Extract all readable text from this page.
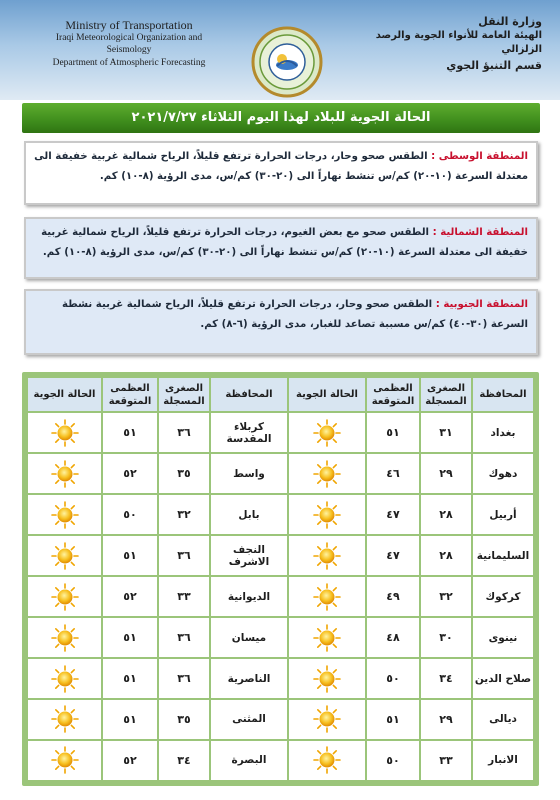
Ministry of Transportation
Iraqi Meteorological Organization and Seismology
Department of Atmospheric Forecasting
وزارة النقل
الهيئة العامة للأنواء الجوية والرصد الزلزالي
قسم التنبؤ الجوي
الحالة الجوية للبلاد لهذا اليوم الثلاثاء ٢٠٢١/٧/٢٧
المنطقة الوسطى : الطقس صحو وحار، درجات الحرارة ترتفع قليلاً، الرياح شمالية غربية خفيفة الى معتدلة السرعة (١٠-٢٠) كم/س تنشط نهاراً الى (٢٠-٣٠) كم/س، مدى الرؤية (٨-١٠) كم.
المنطقة الشمالية : الطقس صحو مع بعض الغيوم، درجات الحرارة ترتفع قليلاً، الرياح شمالية غربية خفيفة الى معتدلة السرعة (١٠-٢٠) كم/س تنشط نهاراً الى (٢٠-٣٠) كم/س، مدى الرؤية (٨-١٠) كم.
المنطقة الجنوبية : الطقس صحو وحار، درجات الحرارة ترتفع قليلاً، الرياح شمالية غربية نشطة السرعة (٣٠-٤٠) كم/س مسببة تصاعد للغبار، مدى الرؤية (٦-٨) كم.
المحافظة	الصغرى المسجلة	العظمى المتوقعة	الحالة الجوية	المحافظة	الصغرى المسجلة	العظمى المتوقعة	الحالة الجوية
بغداد	٣١	٥١		كربلاء المقدسة	٣٦	٥١	
دهوك	٢٩	٤٦		واسط	٣٥	٥٢	
أربيل	٢٨	٤٧		بابل	٣٢	٥٠	
السليمانية	٢٨	٤٧		النجف الاشرف	٣٦	٥١	
كركوك	٣٢	٤٩		الديوانية	٣٣	٥٢	
نينوى	٣٠	٤٨		ميسان	٣٦	٥١	
صلاح الدين	٣٤	٥٠		الناصرية	٣٦	٥١	
ديالى	٢٩	٥١		المثنى	٣٥	٥١	
الانبار	٣٣	٥٠		البصرة	٣٤	٥٢	
